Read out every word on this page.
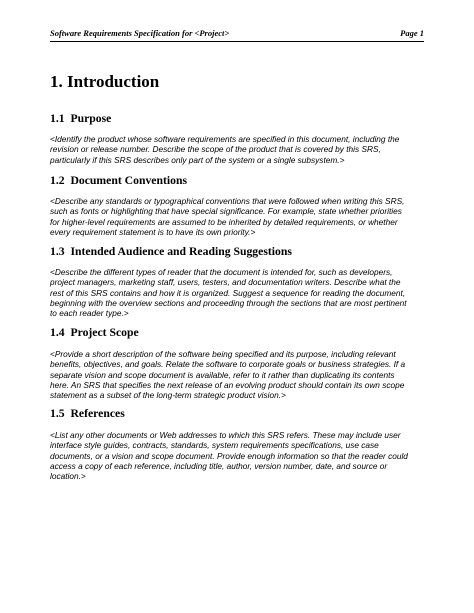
Software Requirements Specification for <Project>	Page 1
1. Introduction
1.1 Purpose
<Identify the product whose software requirements are specified in this document, including the
revision or release number. Describe the scope of the product that is covered by this SRS,
particularly if this SRS describes only part of the system or a single subsystem.>
1.2 Document Conventions
<Describe any standards or typographical conventions that were followed when writing this SRS,
such as fonts or highlighting that have special significance. For example, state whether priorities
for higher-level requirements are assumed to be inherited by detailed requirements, or whether
every requirement statement is to have its own priority.>
1.3 Intended Audience and Reading Suggestions
<Describe the different types of reader that the document is intended for, such as developers,
project managers, marketing staff, users, testers, and documentation writers. Describe what the
rest of this SRS contains and how it is organized. Suggest a sequence for reading the document,
beginning with the overview sections and proceeding through the sections that are most pertinent
to each reader type.>
1.4 Project Scope
<Provide a short description of the software being specified and its purpose, including relevant
benefits, objectives, and goals. Relate the software to corporate goals or business strategies. If a
separate vision and scope document is available, refer to it rather than duplicating its contents
here. An SRS that specifies the next release of an evolving product should contain its own scope
statement as a subset of the long-term strategic product vision.>
1.5 References
<List any other documents or Web addresses to which this SRS refers. These may include user
interface style guides, contracts, standards, system requirements specifications, use case
documents, or a vision and scope document. Provide enough information so that the reader could
access a copy of each reference, including title, author, version number, date, and source or
location.>
